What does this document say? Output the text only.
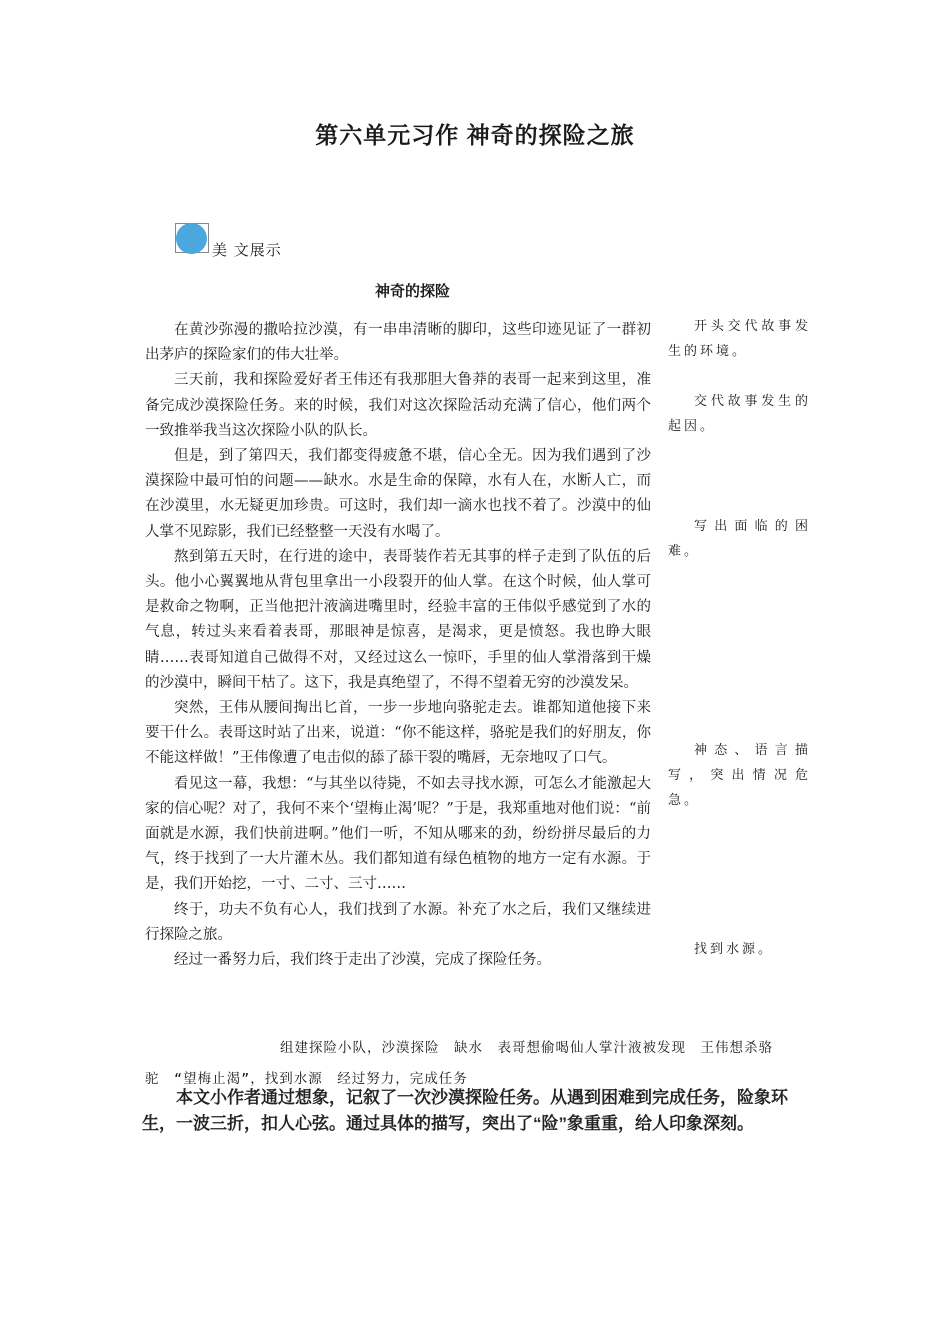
第六单元习作 神奇的探险之旅
美 文展示
神奇的探险

在黄沙弥漫的撒哈拉沙漠，有一串串清晰的脚印，这些印迹见证了一群初出茅庐的探险家们的伟大壮举。

三天前，我和探险爱好者王伟还有我那胆大鲁莽的表哥一起来到这里，准备完成沙漠探险任务。来的时候，我们对这次探险活动充满了信心，他们两个一致推举我当这次探险小队的队长。

但是，到了第四天，我们都变得疲惫不堪，信心全无。因为我们遇到了沙漠探险中最可怕的问题——缺水。水是生命的保障，水有人在，水断人亡，而在沙漠里，水无疑更加珍贵。可这时，我们却一滴水也找不着了。沙漠中的仙人掌不见踪影，我们已经整整一天没有水喝了。

熬到第五天时，在行进的途中，表哥装作若无其事的样子走到了队伍的后头。他小心翼翼地从背包里拿出一小段裂开的仙人掌。在这个时候，仙人掌可是救命之物啊，正当他把汁液滴进嘴里时，经验丰富的王伟似乎感觉到了水的气息，转过头来看着表哥，那眼神是惊喜，是渴求，更是愤怒。我也睁大眼睛……表哥知道自己做得不对，又经过这么一惊吓，手里的仙人掌滑落到干燥的沙漠中，瞬间干枯了。这下，我是真绝望了，不得不望着无穷的沙漠发呆。

突然，王伟从腰间掏出匕首，一步一步地向骆驼走去。谁都知道他接下来要干什么。表哥这时站了出来，说道：“你不能这样，骆驼是我们的好朋友，你不能这样做！”王伟像遭了电击似的舔了舔干裂的嘴唇，无奈地叹了口气。

看见这一幕，我想：“与其坐以待毙，不如去寻找水源，可怎么才能激起大家的信心呢？对了，我何不来个‘望梅止渴’呢？”于是，我郑重地对他们说：“前面就是水源，我们快前进啊。”他们一听，不知从哪来的劲，纷纷拼尽最后的力气，终于找到了一大片灌木丛。我们都知道有绿色植物的地方一定有水源。于是，我们开始挖，一寸、二寸、三寸……

终于，功夫不负有心人，我们找到了水源。补充了水之后，我们又继续进行探险之旅。

经过一番努力后，我们终于走出了沙漠，完成了探险任务。

开头交代故事发生的环境。
交代故事发生的起因。
写出面临的困难。
神态、语言描写，突出情况危急。
找到水源。
组建探险小队，沙漠探险　缺水　表哥想偷喝仙人掌汁液被发现　王伟想杀骆驼　“望梅止渴”，找到水源　经过努力，完成任务
本文小作者通过想象，记叙了一次沙漠探险任务。从遇到困难到完成任务，险象环生，一波三折，扣人心弦。通过具体的描写，突出了“险”象重重，给人印象深刻。
